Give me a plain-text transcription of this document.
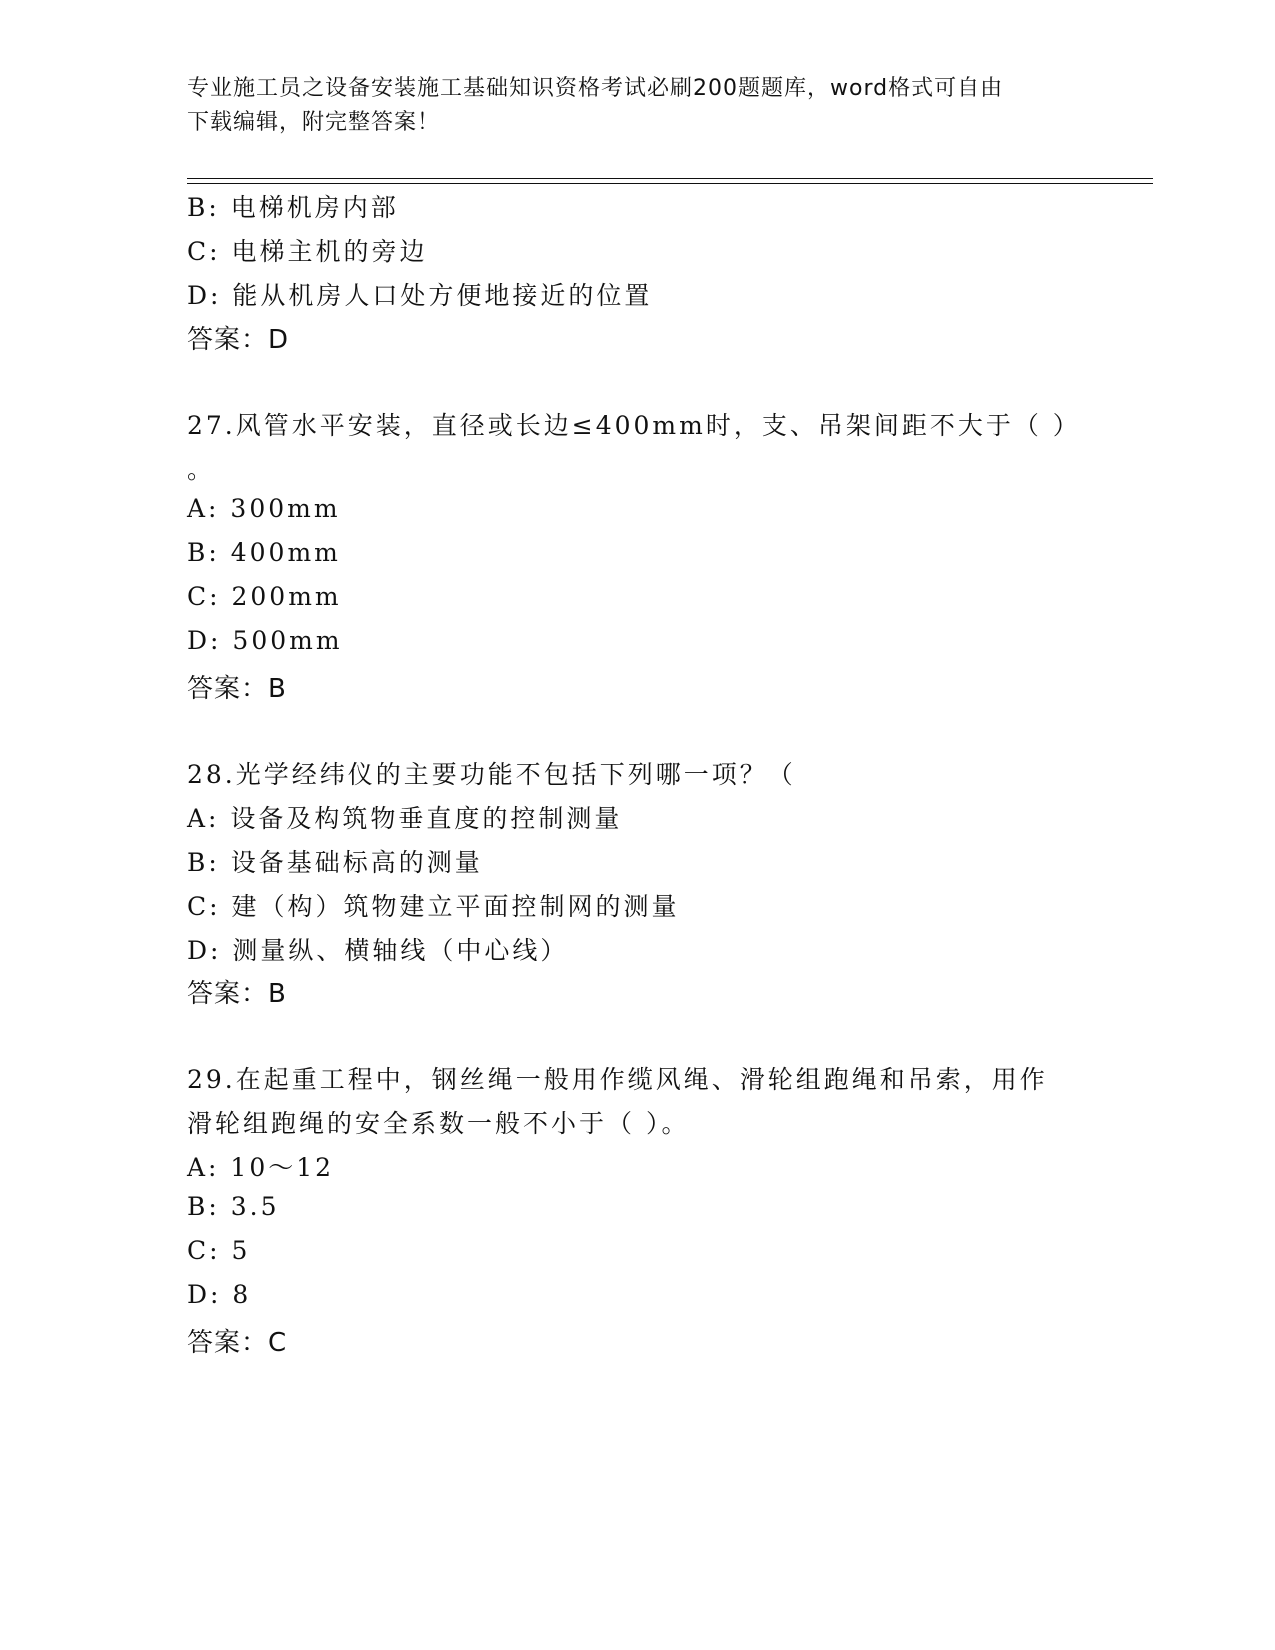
专业施工员之设备安装施工基础知识资格考试必刷200题题库，word格式可自由
下载编辑，附完整答案！
B: 电梯机房内部
C: 电梯主机的旁边
D: 能从机房人口处方便地接近的位置
答案：D
27.风管水平安装，直径或长边≤400mm时，支、吊架间距不大于（ ）
。
A: 300mm
B: 400mm
C: 200mm
D: 500mm
答案：B
28.光学经纬仪的主要功能不包括下列哪一项？（
A: 设备及构筑物垂直度的控制测量
B: 设备基础标高的测量
C: 建（构）筑物建立平面控制网的测量
D: 测量纵、横轴线（中心线）
答案：B
29.在起重工程中，钢丝绳一般用作缆风绳、滑轮组跑绳和吊索，用作
滑轮组跑绳的安全系数一般不小于（ ）。
A: 10～12
B: 3.5
C: 5
D: 8
答案：C
